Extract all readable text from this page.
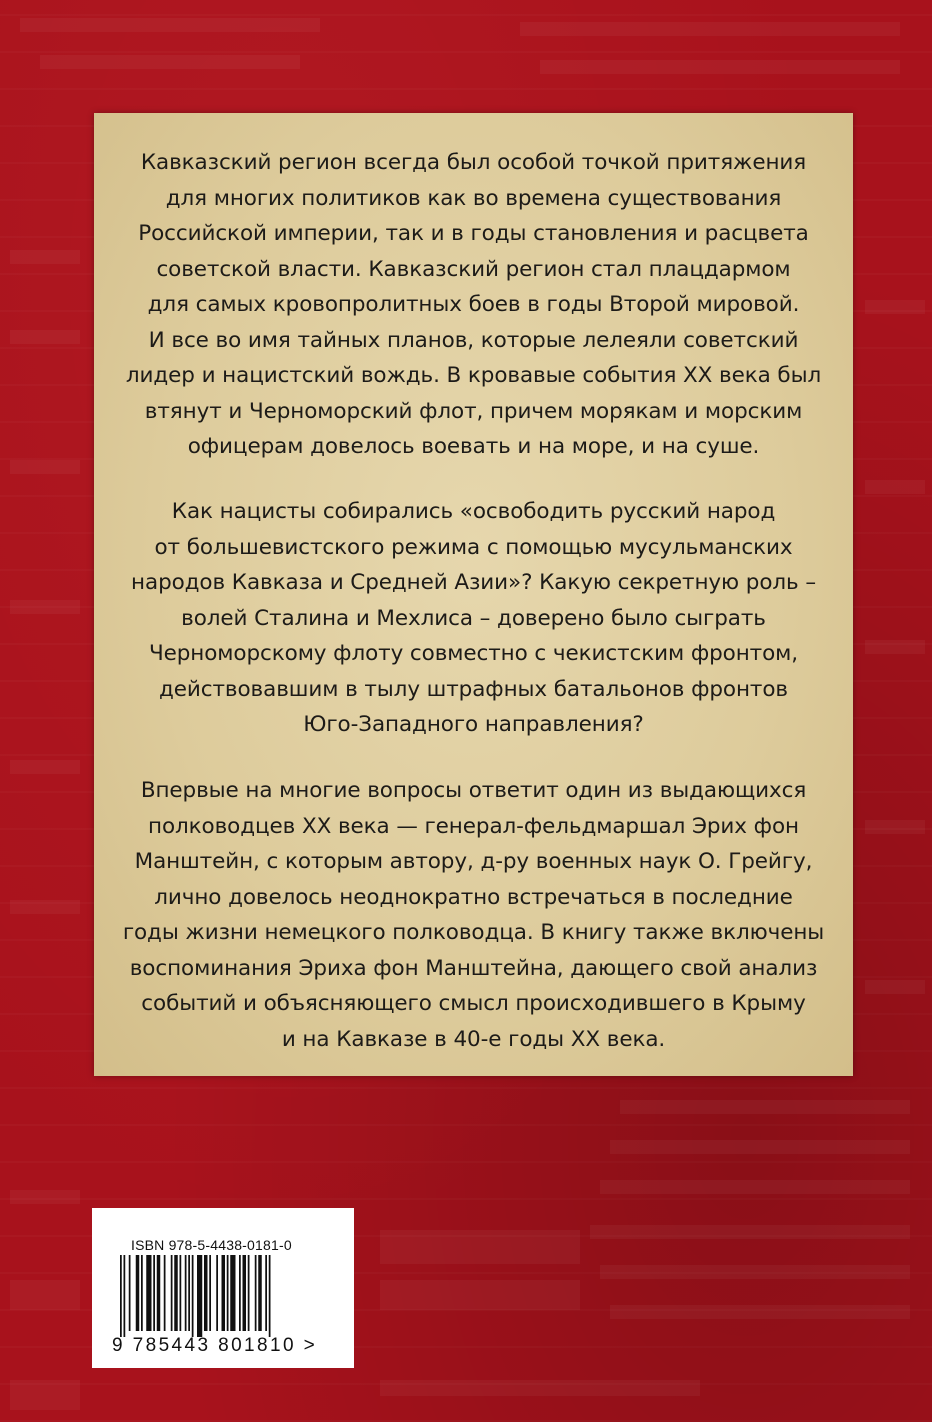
Кавказский регион всегда был особой точкой притяжения
для многих политиков как во времена существования
Российской империи, так и в годы становления и расцвета
советской власти. Кавказский регион стал плацдармом
для самых кровопролитных боев в годы Второй мировой.
И все во имя тайных планов, которые лелеяли советский
лидер и нацистский вождь. В кровавые события XX века был
втянут и Черноморский флот, причем морякам и морским
офицерам довелось воевать и на море, и на суше.

Как нацисты собирались «освободить русский народ
от большевистского режима с помощью мусульманских
народов Кавказа и Средней Азии»? Какую секретную роль –
волей Сталина и Мехлиса – доверено было сыграть
Черноморскому флоту совместно с чекистским фронтом,
действовавшим в тылу штрафных батальонов фронтов
Юго-Западного направления?

Впервые на многие вопросы ответит один из выдающихся
полководцев XX века — генерал-фельдмаршал Эрих фон
Манштейн, с которым автору, д-ру военных наук О. Грейгу,
лично довелось неоднократно встречаться в последние
годы жизни немецкого полководца. В книгу также включены
воспоминания Эриха фон Манштейна, дающего свой анализ
событий и объясняющего смысл происходившего в Крыму
и на Кавказе в 40-е годы XX века.

ISBN 978-5-4438-0181-0
9 785443 801810 >
